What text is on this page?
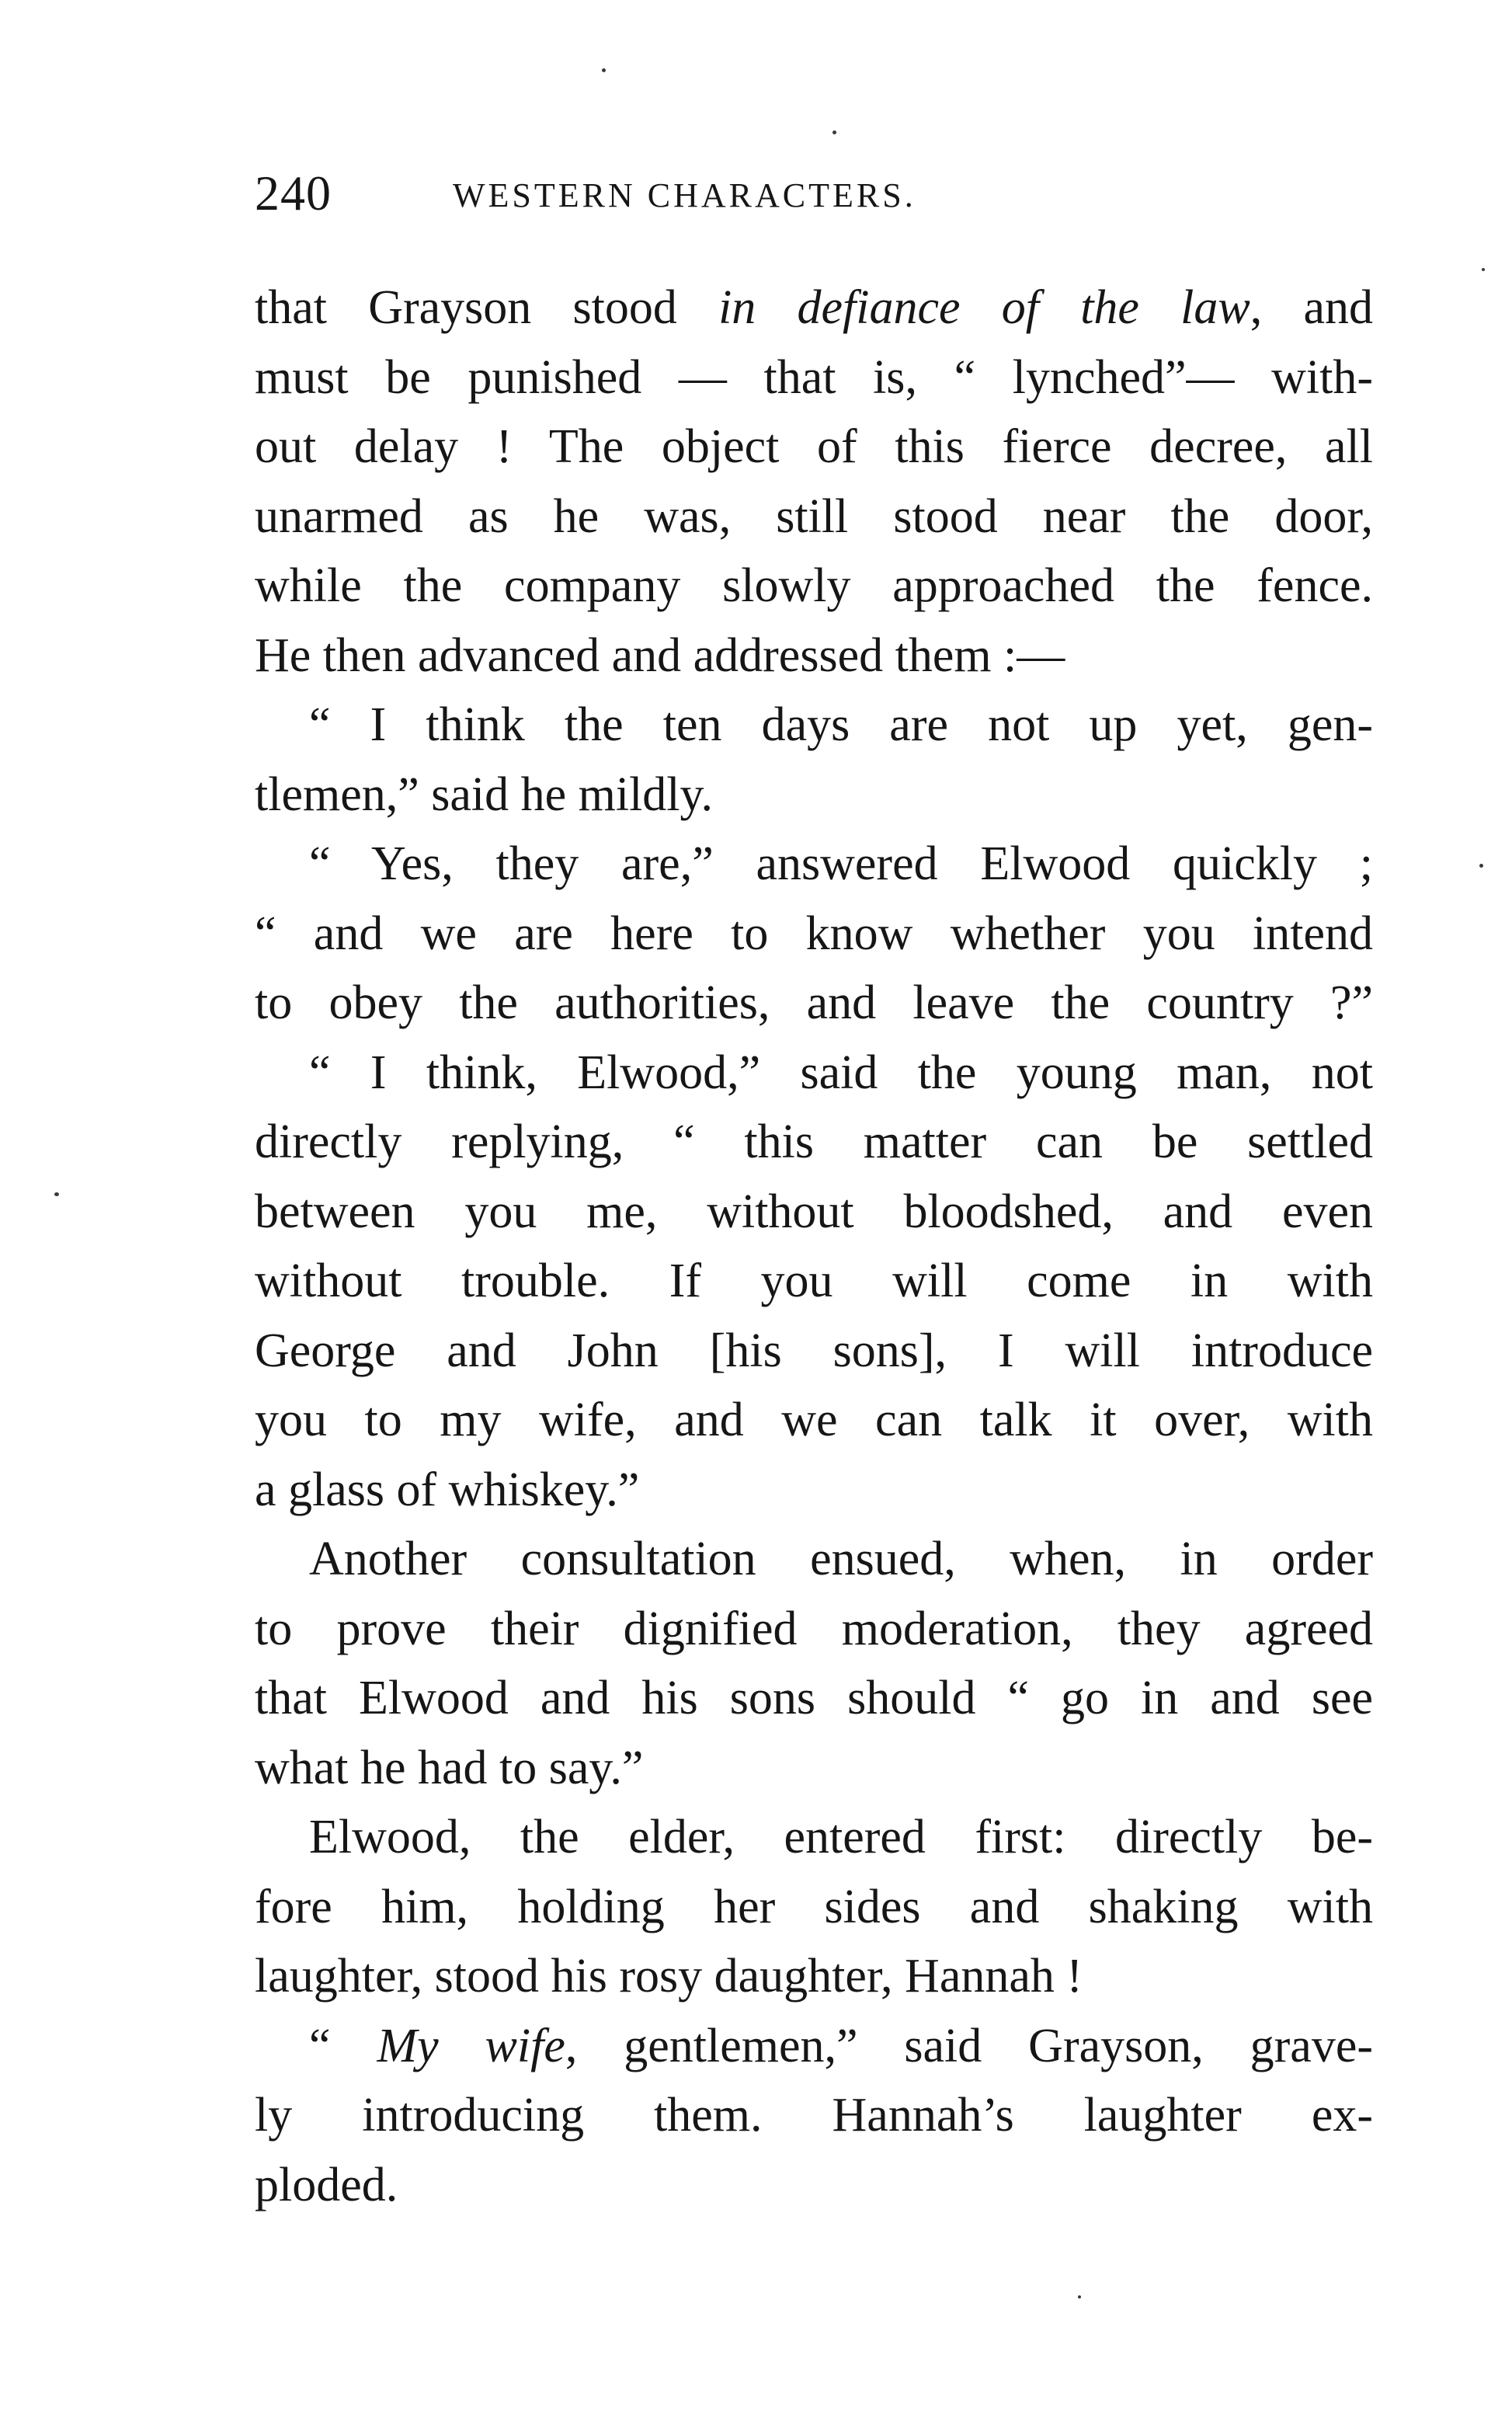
240	WESTERN CHARACTERS.
that Grayson stood in defiance of the law, and
must be punished — that is, “ lynched”— with-
out delay ! The object of this fierce decree, all
unarmed as he was, still stood near the door,
while the company slowly approached the fence.
He then advanced and addressed them :—
“ I think the ten days are not up yet, gen-
tlemen,” said he mildly.
“ Yes, they are,” answered Elwood quickly ;
“ and we are here to know whether you intend
to obey the authorities, and leave the country ?”
“ I think, Elwood,” said the young man, not
directly replying, “ this matter can be settled
between you me, without bloodshed, and even
without trouble. If you will come in with
George and John [his sons], I will introduce
you to my wife, and we can talk it over, with
a glass of whiskey.”
Another consultation ensued, when, in order
to prove their dignified moderation, they agreed
that Elwood and his sons should “ go in and see
what he had to say.”
Elwood, the elder, entered first: directly be-
fore him, holding her sides and shaking with
laughter, stood his rosy daughter, Hannah !
“ My wife, gentlemen,” said Grayson, grave-
ly introducing them. Hannah’s laughter ex-
ploded.
